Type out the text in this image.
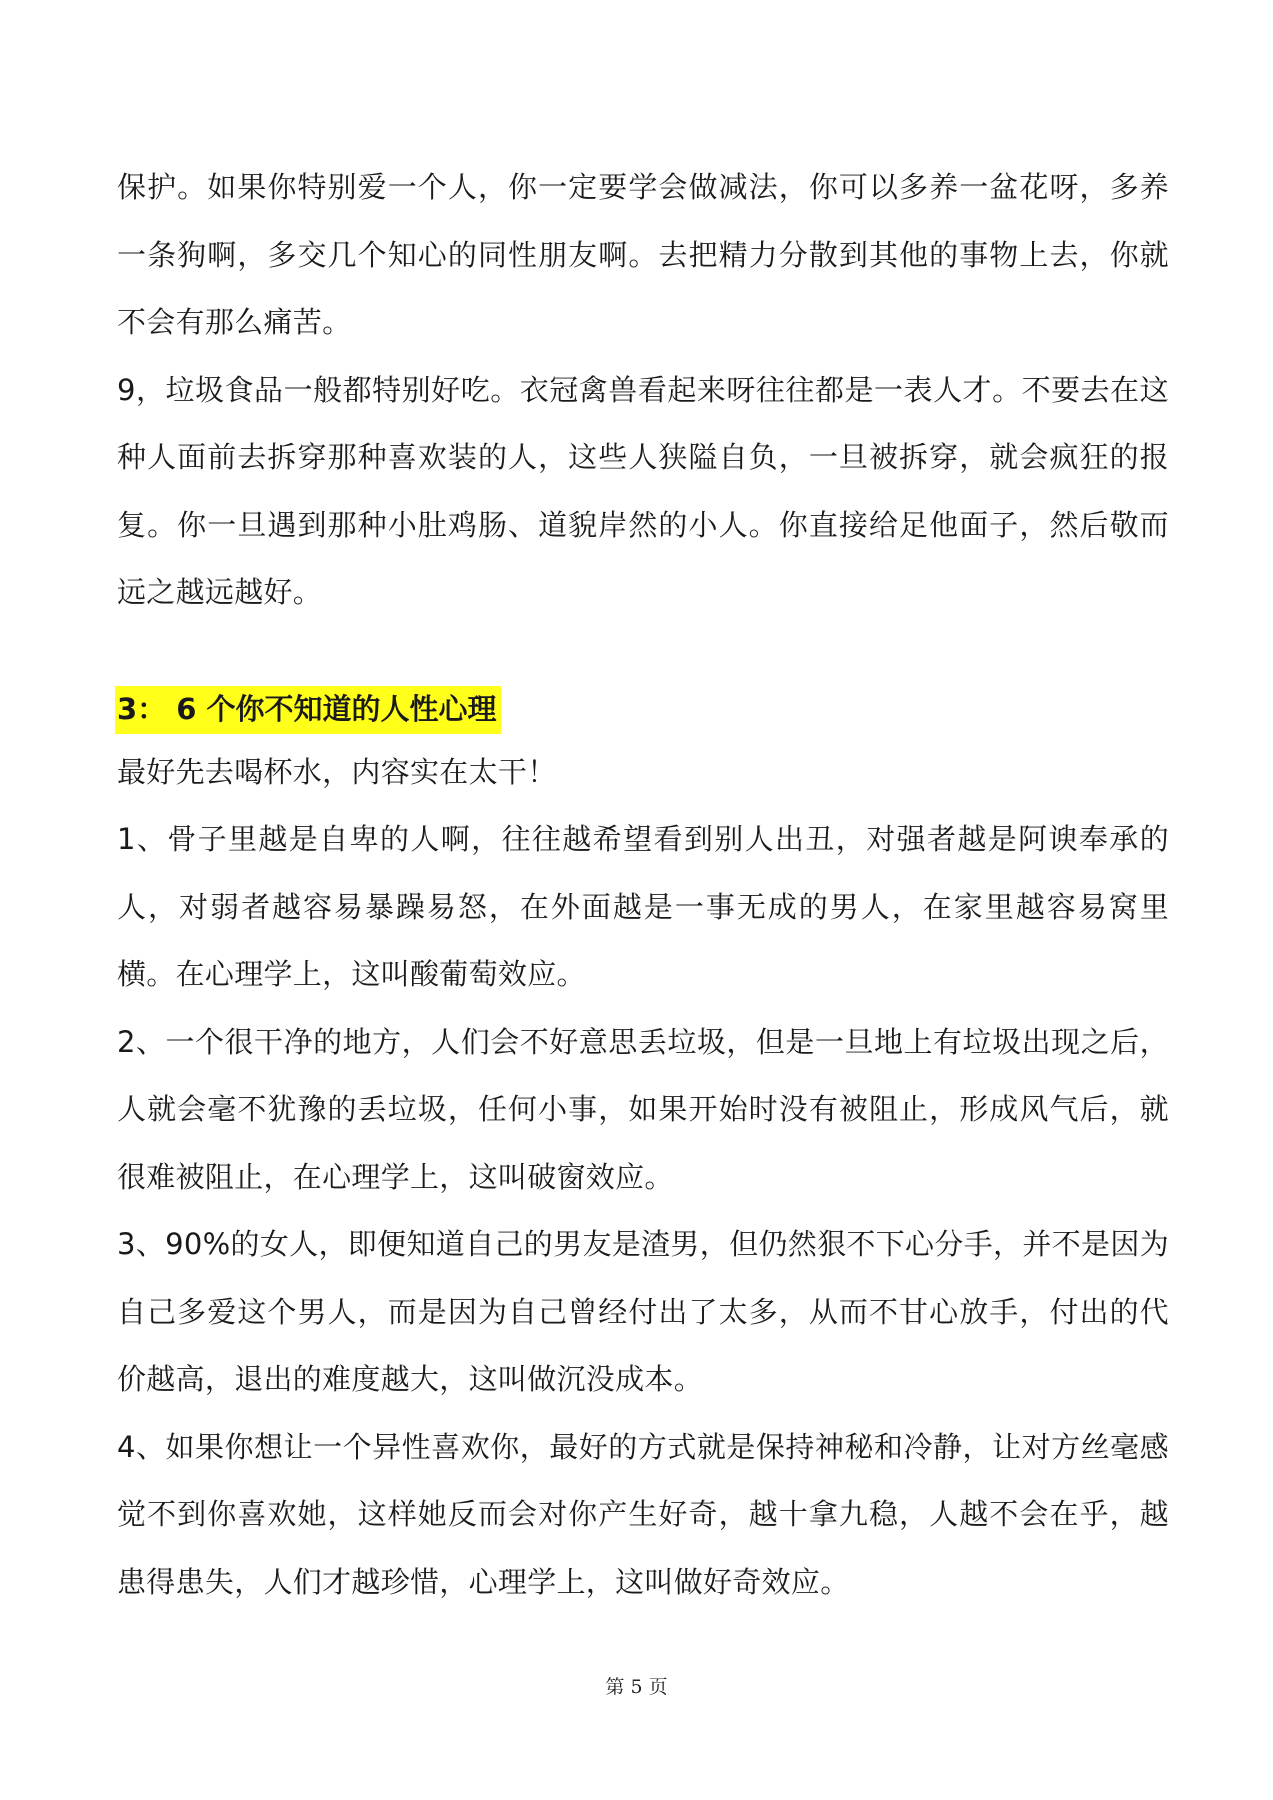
保护。如果你特别爱一个人，你一定要学会做减法，你可以多养一盆花呀，多养一条狗啊，多交几个知心的同性朋友啊。去把精力分散到其他的事物上去，你就不会有那么痛苦。

9，垃圾食品一般都特别好吃。衣冠禽兽看起来呀往往都是一表人才。不要去在这种人面前去拆穿那种喜欢装的人，这些人狭隘自负，一旦被拆穿，就会疯狂的报复。你一旦遇到那种小肚鸡肠、道貌岸然的小人。你直接给足他面子，然后敬而远之越远越好。

3： 6 个你不知道的人性心理

最好先去喝杯水，内容实在太干！

1、骨子里越是自卑的人啊，往往越希望看到别人出丑，对强者越是阿谀奉承的人，对弱者越容易暴躁易怒，在外面越是一事无成的男人，在家里越容易窝里横。在心理学上，这叫酸葡萄效应。

2、一个很干净的地方，人们会不好意思丢垃圾，但是一旦地上有垃圾出现之后，人就会毫不犹豫的丢垃圾，任何小事，如果开始时没有被阻止，形成风气后，就很难被阻止，在心理学上，这叫破窗效应。

3、90%的女人，即便知道自己的男友是渣男，但仍然狠不下心分手，并不是因为自己多爱这个男人，而是因为自己曾经付出了太多，从而不甘心放手，付出的代价越高，退出的难度越大，这叫做沉没成本。

4、如果你想让一个异性喜欢你，最好的方式就是保持神秘和冷静，让对方丝毫感觉不到你喜欢她，这样她反而会对你产生好奇，越十拿九稳，人越不会在乎，越患得患失，人们才越珍惜，心理学上，这叫做好奇效应。

第 5 页
